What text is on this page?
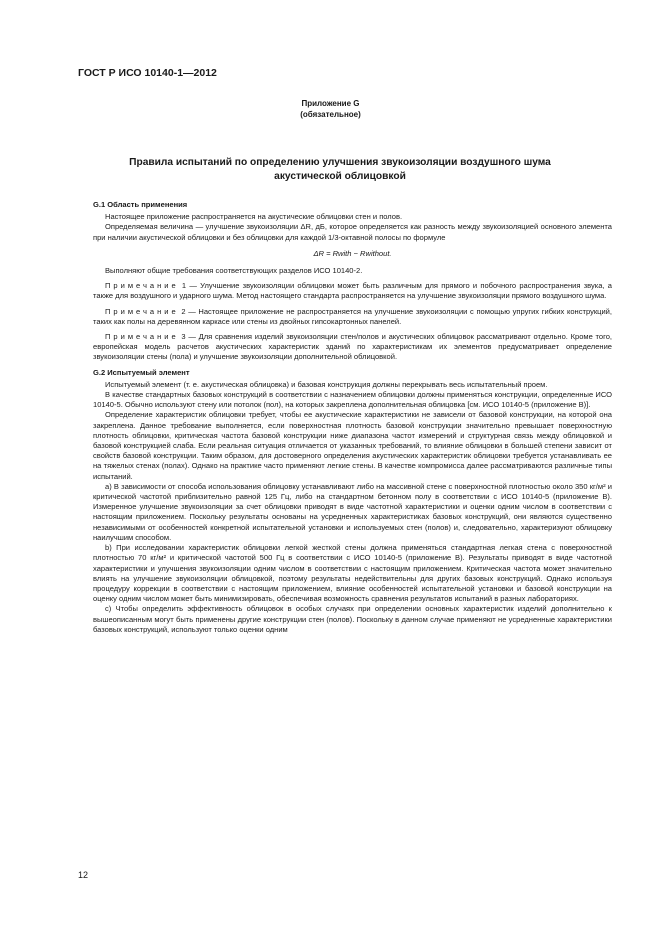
ГОСТ Р ИСО 10140-1—2012
Приложение G
(обязательное)
Правила испытаний по определению улучшения звукоизоляции воздушного шума
акустической облицовкой

G.1 Область применения

Настоящее приложение распространяется на акустические облицовки стен и полов.

Определяемая величина — улучшение звукоизоляции ΔR, дБ, которое определяется как разность между звукоизоляцией основного элемента при наличии акустической облицовки и без облицовки для каждой 1/3-октавной полосы по формуле

ΔR = Rwith − Rwithout.

Выполняют общие требования соответствующих разделов ИСО 10140-2.

Примечание 1 — Улучшение звукоизоляции облицовки может быть различным для прямого и побочного распространения звука, а также для воздушного и ударного шума. Метод настоящего стандарта распространяется на улучшение звукоизоляции прямого воздушного шума.

Примечание 2 — Настоящее приложение не распространяется на улучшение звукоизоляции с помощью упругих гибких конструкций, таких как полы на деревянном каркасе или стены из двойных гипсокартонных панелей.

Примечание 3 — Для сравнения изделий звукоизоляции стен/полов и акустических облицовок рассматривают отдельно. Кроме того, европейская модель расчетов акустических характеристик зданий по характеристикам их элементов предусматривает определение звукоизоляции стены (пола) и улучшение звукоизоляции дополнительной облицовкой.

G.2 Испытуемый элемент

Испытуемый элемент (т. е. акустическая облицовка) и базовая конструкция должны перекрывать весь испытательный проем.

В качестве стандартных базовых конструкций в соответствии с назначением облицовки должны применяться конструкции, определенные ИСО 10140-5. Обычно используют стену или потолок (пол), на которых закреплена дополнительная облицовка [см. ИСО 10140-5 (приложение В)].

Определение характеристик облицовки требует, чтобы ее акустические характеристики не зависели от базовой конструкции, на которой она закреплена. Данное требование выполняется, если поверхностная плотность базовой конструкции значительно превышает поверхностную плотность облицовки, критическая частота базовой конструкции ниже диапазона частот измерений и структурная связь между облицовкой и базовой конструкцией слаба. Если реальная ситуация отличается от указанных требований, то влияние облицовки в большей степени зависит от свойств базовой конструкции. Таким образом, для достоверного определения акустических характеристик облицовки требуется устанавливать ее на тяжелых стенах (полах). Однако на практике часто применяют легкие стены. В качестве компромисса далее рассматриваются различные типы испытаний.

а) В зависимости от способа использования облицовку устанавливают либо на массивной стене с поверхностной плотностью около 350 кг/м² и критической частотой приблизительно равной 125 Гц, либо на стандартном бетонном полу в соответствии с ИСО 10140-5 (приложение В). Измеренное улучшение звукоизоляции за счет облицовки приводят в виде частотной характеристики и оценки одним числом в соответствии с настоящим приложением. Поскольку результаты основаны на усредненных характеристиках базовых конструкций, они являются существенно независимыми от особенностей конкретной испытательной установки и используемых стен (полов) и, следовательно, характеризуют облицовку наилучшим способом.

b) При исследовании характеристик облицовки легкой жесткой стены должна применяться стандартная легкая стена с поверхностной плотностью 70 кг/м² и критической частотой 500 Гц в соответствии с ИСО 10140-5 (приложение В). Результаты приводят в виде частотной характеристики и улучшения звукоизоляции одним числом в соответствии с настоящим приложением. Критическая частота может значительно влиять на улучшение звукоизоляции облицовкой, поэтому результаты недействительны для других базовых конструкций. Однако используя процедуру коррекции в соответствии с настоящим приложением, влияние особенностей испытательной установки и базовой конструкции на оценку одним числом может быть минимизировать, обеспечивая возможность сравнения результатов испытаний в разных лабораториях.

с) Чтобы определить эффективность облицовок в особых случаях при определении основных характеристик изделий дополнительно к вышеописанным могут быть применены другие конструкции стен (полов). Поскольку в данном случае применяют не усредненные характеристики базовых конструкций, используют только оценки одним

12
